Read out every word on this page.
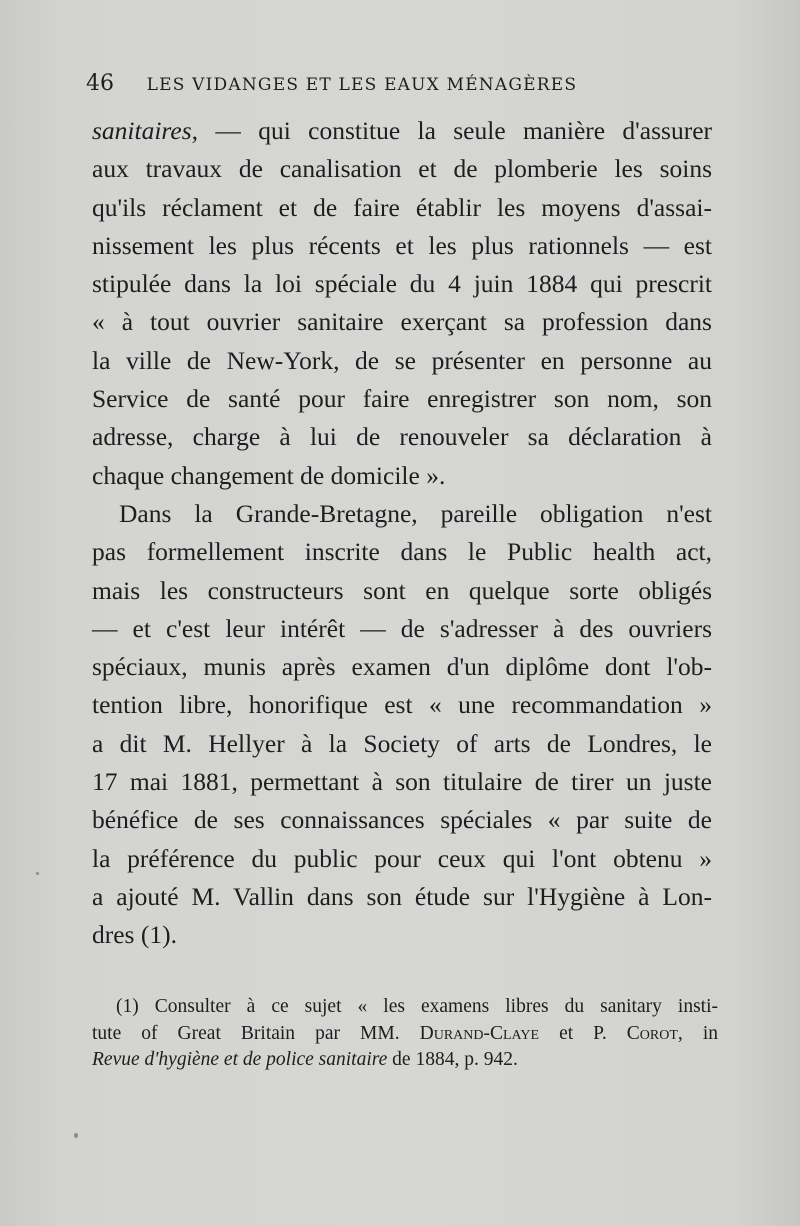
46 LES VIDANGES ET LES EAUX MÉNAGÈRES
sanitaires, — qui constitue la seule manière d'assurer
aux travaux de canalisation et de plomberie les soins
qu'ils réclament et de faire établir les moyens d'assai-
nissement les plus récents et les plus rationnels — est
stipulée dans la loi spéciale du 4 juin 1884 qui prescrit
« à tout ouvrier sanitaire exerçant sa profession dans
la ville de New-York, de se présenter en personne au
Service de santé pour faire enregistrer son nom, son
adresse, charge à lui de renouveler sa déclaration à
chaque changement de domicile ».
Dans la Grande-Bretagne, pareille obligation n'est
pas formellement inscrite dans le Public health act,
mais les constructeurs sont en quelque sorte obligés
— et c'est leur intérêt — de s'adresser à des ouvriers
spéciaux, munis après examen d'un diplôme dont l'ob-
tention libre, honorifique est « une recommandation »
a dit M. Hellyer à la Society of arts de Londres, le
17 mai 1881, permettant à son titulaire de tirer un juste
bénéfice de ses connaissances spéciales « par suite de
la préférence du public pour ceux qui l'ont obtenu »
a ajouté M. Vallin dans son étude sur l'Hygiène à Lon-
dres (1).
(1) Consulter à ce sujet « les examens libres du sanitary insti-
tute of Great Britain par MM. Durand-Claye et P. Corot, in
Revue d'hygiène et de police sanitaire de 1884, p. 942.
